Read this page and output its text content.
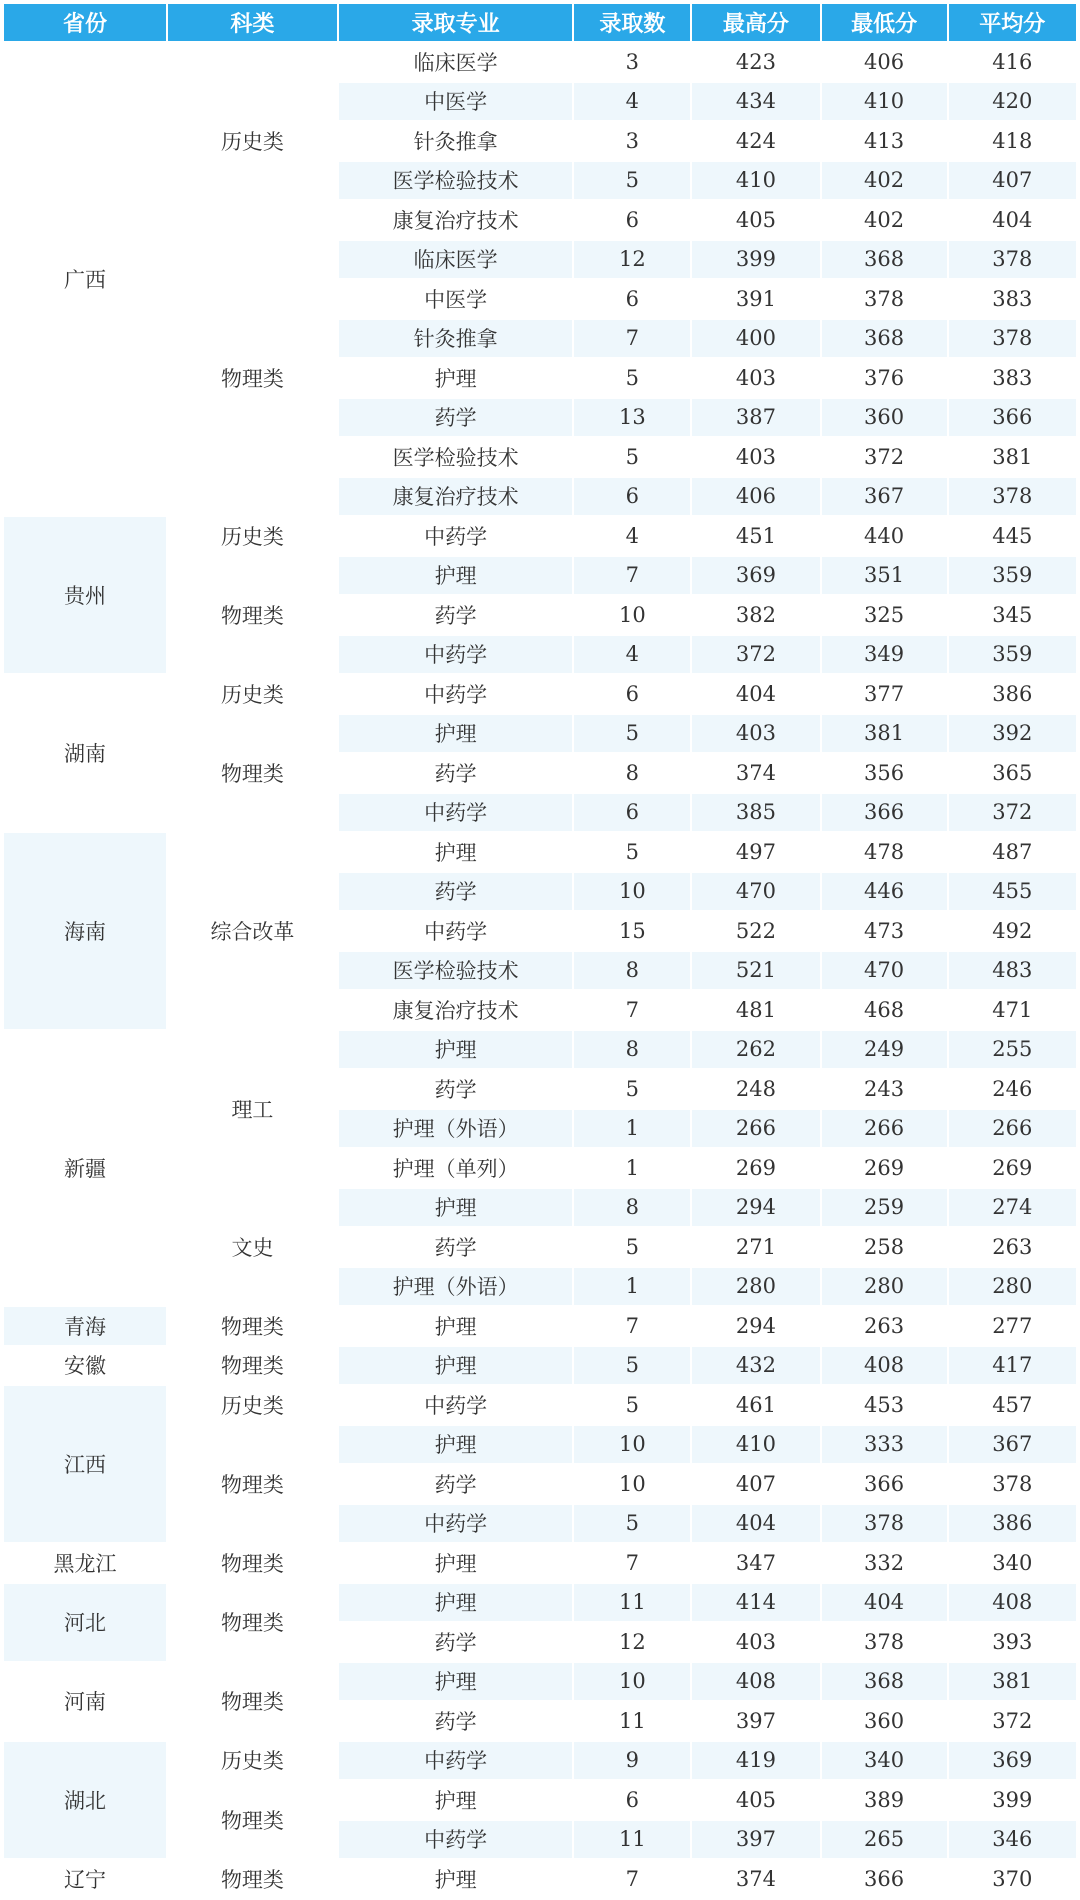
省份	科类	录取专业	录取数	最高分	最低分	平均分
广西	历史类	临床医学	3	423	406	416
		中医学	4	434	410	420
		针灸推拿	3	424	413	418
		医学检验技术	5	410	402	407
		康复治疗技术	6	405	402	404
	物理类	临床医学	12	399	368	378
		中医学	6	391	378	383
		针灸推拿	7	400	368	378
		护理	5	403	376	383
		药学	13	387	360	366
		医学检验技术	5	403	372	381
		康复治疗技术	6	406	367	378
贵州	历史类	中药学	4	451	440	445
	物理类	护理	7	369	351	359
		药学	10	382	325	345
		中药学	4	372	349	359
湖南	历史类	中药学	6	404	377	386
	物理类	护理	5	403	381	392
		药学	8	374	356	365
		中药学	6	385	366	372
海南	综合改革	护理	5	497	478	487
		药学	10	470	446	455
		中药学	15	522	473	492
		医学检验技术	8	521	470	483
		康复治疗技术	7	481	468	471
新疆	理工	护理	8	262	249	255
		药学	5	248	243	246
		护理（外语）	1	266	266	266
		护理（单列）	1	269	269	269
	文史	护理	8	294	259	274
		药学	5	271	258	263
		护理（外语）	1	280	280	280
青海	物理类	护理	7	294	263	277
安徽	物理类	护理	5	432	408	417
江西	历史类	中药学	5	461	453	457
	物理类	护理	10	410	333	367
		药学	10	407	366	378
		中药学	5	404	378	386
黑龙江	物理类	护理	7	347	332	340
河北	物理类	护理	11	414	404	408
		药学	12	403	378	393
河南	物理类	护理	10	408	368	381
		药学	11	397	360	372
湖北	历史类	中药学	9	419	340	369
	物理类	护理	6	405	389	399
		中药学	11	397	265	346
辽宁	物理类	护理	7	374	366	370
